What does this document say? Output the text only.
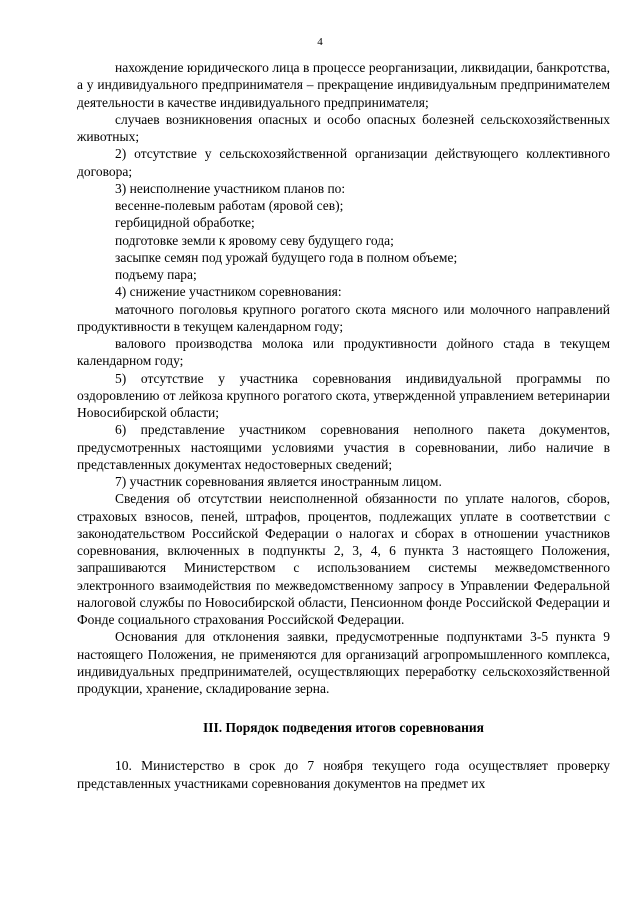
4

нахождение юридического лица в процессе реорганизации, ликвидации, банкротства, а у индивидуального предпринимателя – прекращение индивидуальным предпринимателем деятельности в качестве индивидуального предпринимателя;

случаев возникновения опасных и особо опасных болезней сельскохозяйственных животных;

2) отсутствие у сельскохозяйственной организации действующего коллективного договора;

3) неисполнение участником планов по:

весенне-полевым работам (яровой сев);

гербицидной обработке;

подготовке земли к яровому севу будущего года;

засыпке семян под урожай будущего года в полном объеме;

подъему пара;

4) снижение участником соревнования:

маточного поголовья крупного рогатого скота мясного или молочного направлений продуктивности в текущем календарном году;

валового производства молока или продуктивности дойного стада в текущем календарном году;

5) отсутствие у участника соревнования индивидуальной программы по оздоровлению от лейкоза крупного рогатого скота, утвержденной управлением ветеринарии Новосибирской области;

6) представление участником соревнования неполного пакета документов, предусмотренных настоящими условиями участия в соревновании, либо наличие в представленных документах недостоверных сведений;

7) участник соревнования является иностранным лицом.

Сведения об отсутствии неисполненной обязанности по уплате налогов, сборов, страховых взносов, пеней, штрафов, процентов, подлежащих уплате в соответствии с законодательством Российской Федерации о налогах и сборах в отношении участников соревнования, включенных в подпункты 2, 3, 4, 6 пункта 3 настоящего Положения, запрашиваются Министерством с использованием системы межведомственного электронного взаимодействия по межведомственному запросу в Управлении Федеральной налоговой службы по Новосибирской области, Пенсионном фонде Российской Федерации и Фонде социального страхования Российской Федерации.

Основания для отклонения заявки, предусмотренные подпунктами 3-5 пункта 9 настоящего Положения, не применяются для организаций агропромышленного комплекса, индивидуальных предпринимателей, осуществляющих переработку сельскохозяйственной продукции, хранение, складирование зерна.

III. Порядок подведения итогов соревнования

10. Министерство в срок до 7 ноября текущего года осуществляет проверку представленных участниками соревнования документов на предмет их
